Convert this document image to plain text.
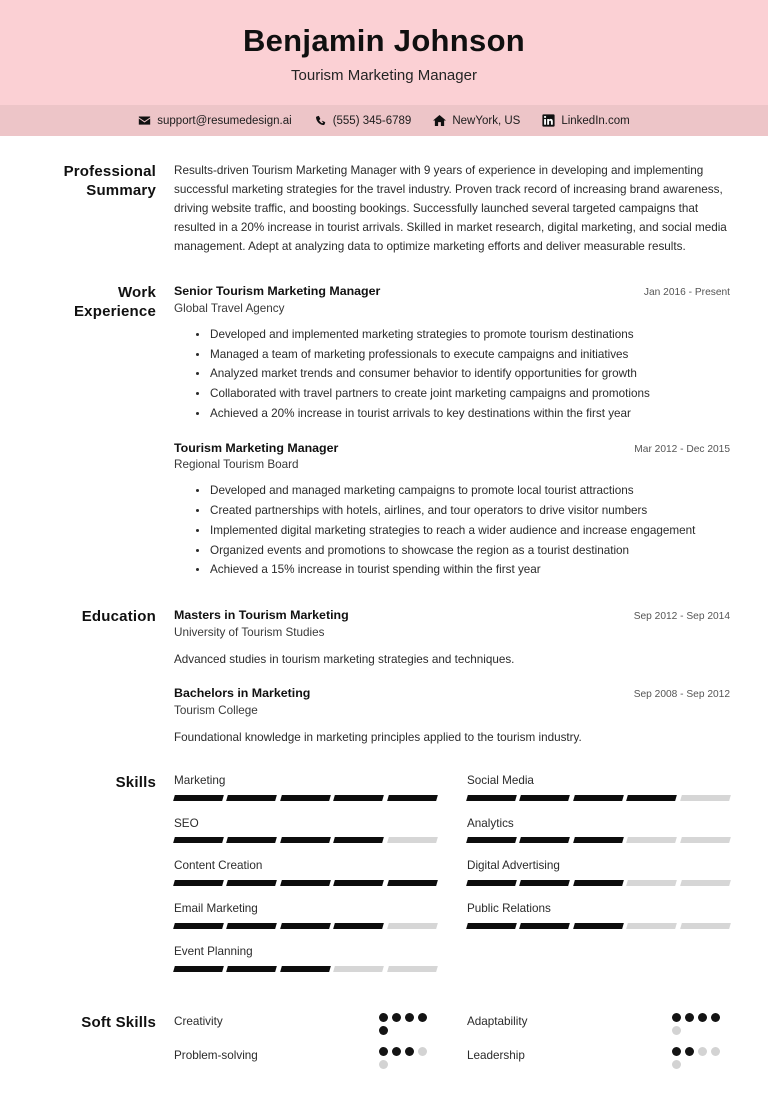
Benjamin Johnson
Tourism Marketing Manager
support@resumedesign.ai	(555) 345-6789	NewYork, US	LinkedIn.com
Professional Summary
Results-driven Tourism Marketing Manager with 9 years of experience in developing and implementing successful marketing strategies for the travel industry. Proven track record of increasing brand awareness, driving website traffic, and boosting bookings. Successfully launched several targeted campaigns that resulted in a 20% increase in tourist arrivals. Skilled in market research, digital marketing, and social media management. Adept at analyzing data to optimize marketing efforts and deliver measurable results.
Work Experience
Senior Tourism Marketing Manager	Jan 2016 - Present
Global Travel Agency
Developed and implemented marketing strategies to promote tourism destinations
Managed a team of marketing professionals to execute campaigns and initiatives
Analyzed market trends and consumer behavior to identify opportunities for growth
Collaborated with travel partners to create joint marketing campaigns and promotions
Achieved a 20% increase in tourist arrivals to key destinations within the first year
Tourism Marketing Manager	Mar 2012 - Dec 2015
Regional Tourism Board
Developed and managed marketing campaigns to promote local tourist attractions
Created partnerships with hotels, airlines, and tour operators to drive visitor numbers
Implemented digital marketing strategies to reach a wider audience and increase engagement
Organized events and promotions to showcase the region as a tourist destination
Achieved a 15% increase in tourist spending within the first year
Education	Masters in Tourism Marketing	Sep 2012 - Sep 2014
University of Tourism Studies
Advanced studies in tourism marketing strategies and techniques.
Bachelors in Marketing	Sep 2008 - Sep 2012
Tourism College
Foundational knowledge in marketing principles applied to the tourism industry.
Skills	Marketing	Social Media
SEO	Analytics
Content Creation	Digital Advertising
Email Marketing	Public Relations
Event Planning
Soft Skills	Creativity	Adaptability
Problem-solving	Leadership
